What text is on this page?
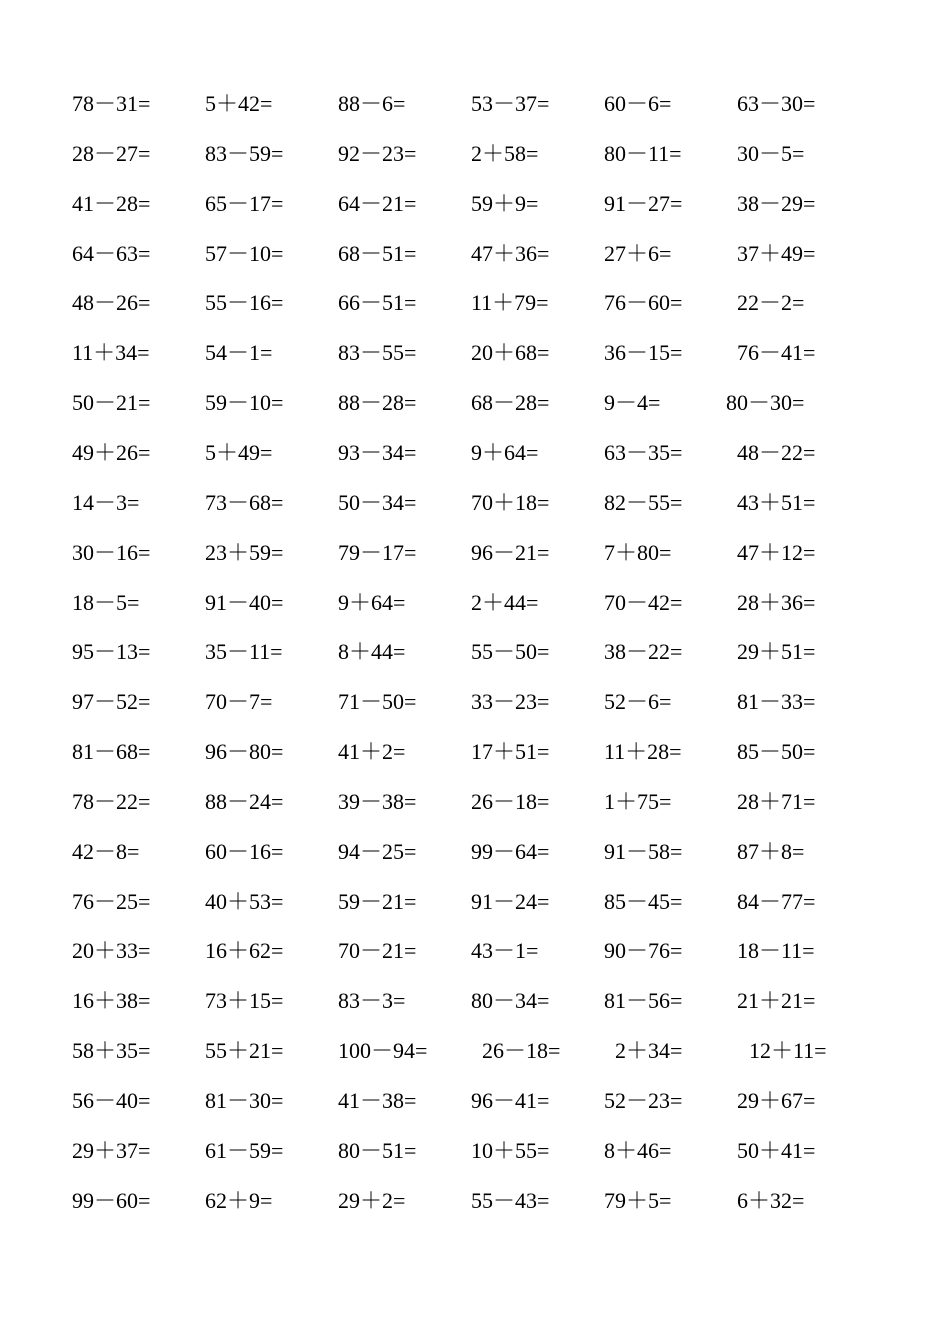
78－31= 5＋42=	88－6=	53－37= 60－6=	63－30=
28－27= 83－59= 92－23= 2＋58=	80－11=	30－5=
41－28= 65－17= 64－21= 59＋9=	91－27= 38－29=
64－63= 57－10= 68－51= 47＋36= 27＋6=	37＋49=
48－26= 55－16= 66－51= 11＋79=	76－60= 22－2=
11＋34=	54－1=	83－55= 20＋68= 36－15= 76－41=
50－21= 59－10= 88－28= 68－28= 9－4=	80－30=
49＋26= 5＋49=	93－34= 9＋64=	63－35= 48－22=
14－3=	73－68= 50－34= 70＋18= 82－55= 43＋51=
30－16= 23＋59= 79－17= 96－21= 7＋80=	47＋12=
18－5=	91－40= 9＋64=	2＋44=	70－42= 28＋36=
95－13= 35－11=	8＋44=	55－50= 38－22= 29＋51=
97－52= 70－7=	71－50= 33－23= 52－6=	81－33=
81－68= 96－80= 41＋2=	17＋51= 11＋28=	85－50=
78－22= 88－24= 39－38= 26－18= 1＋75=	28＋71=
42－8=	60－16= 94－25= 99－64= 91－58= 87＋8=
76－25= 40＋53= 59－21= 91－24= 85－45= 84－77=
20＋33= 16＋62= 70－21= 43－1=	90－76= 18－11=
16＋38= 73＋15= 83－3=	80－34= 81－56= 21＋21=
58＋35= 55＋21= 100－94= 26－18= 2＋34=	12＋11=
56－40= 81－30= 41－38= 96－41= 52－23= 29＋67=
29＋37= 61－59= 80－51= 10＋55= 8＋46=	50＋41=
99－60= 62＋9=	29＋2=	55－43= 79＋5=	6＋32=
